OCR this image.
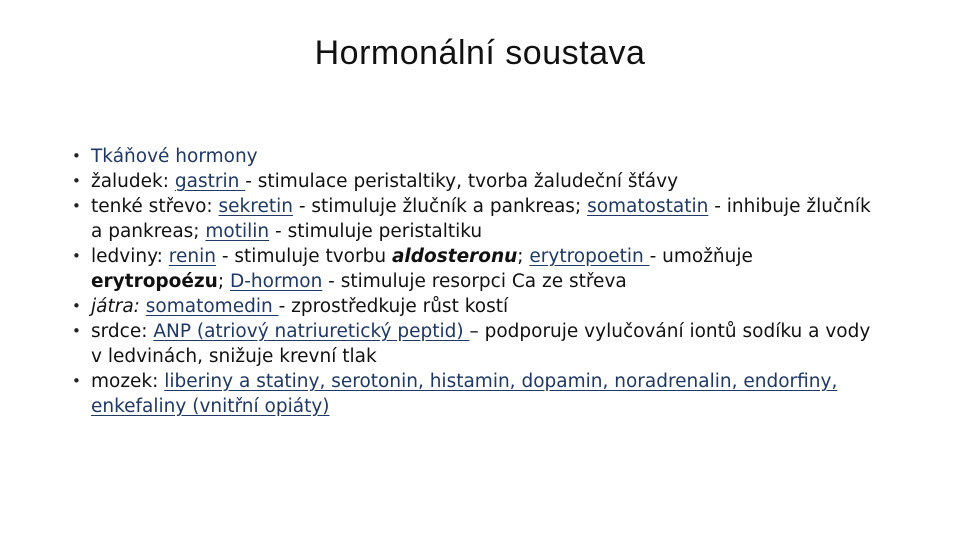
Hormonální soustava
• Tkáňové hormony
• žaludek: gastrin - stimulace peristaltiky, tvorba žaludeční šťávy
• tenké střevo: sekretin - stimuluje žlučník a pankreas; somatostatin - inhibuje žlučník a pankreas; motilin - stimuluje peristaltiku
• ledviny: renin - stimuluje tvorbu aldosteronu; erytropoetin - umožňuje erytropoézu; D-hormon - stimuluje resorpci Ca ze střeva
• játra: somatomedin - zprostředkuje růst kostí
• srdce: ANP (atriový natriuretický peptid) – podporuje vylučování iontů sodíku a vody v ledvinách, snižuje krevní tlak
• mozek: liberiny a statiny, serotonin, histamin, dopamin, noradrenalin, endorfiny, enkefaliny (vnitřní opiáty)
